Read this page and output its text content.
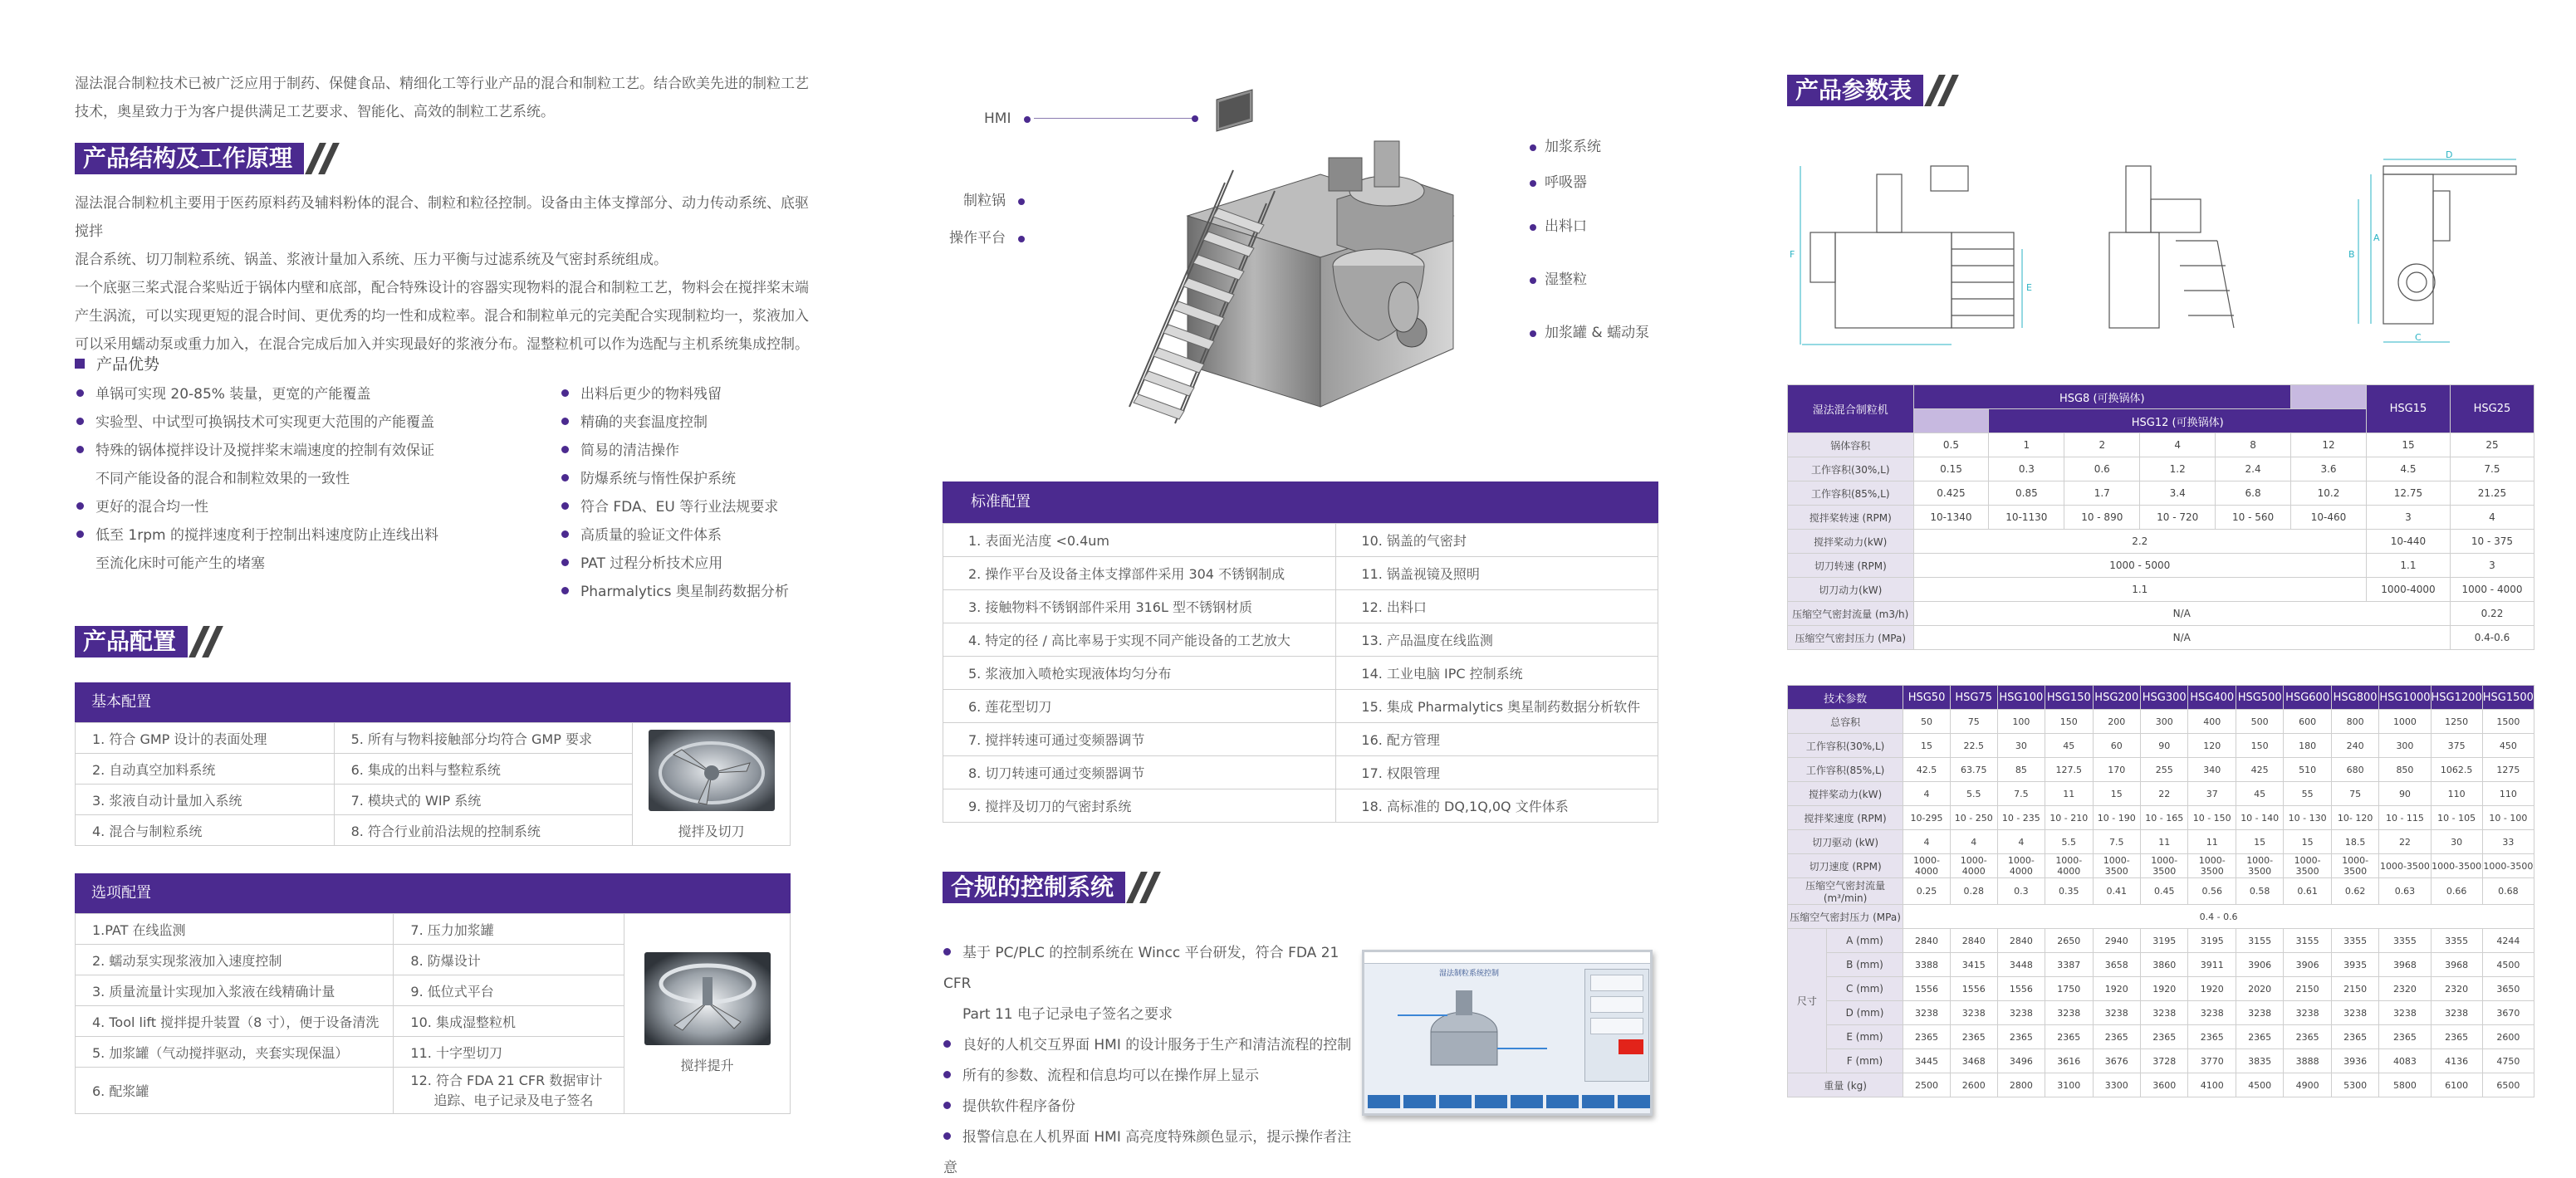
湿法混合制粒技术已被广泛应用于制药、保健食品、精细化工等行业产品的混合和制粒工艺。结合欧美先进的制粒工艺
技术，奥星致力于为客户提供满足工艺要求、智能化、高效的制粒工艺系统。
产品结构及工作原理
湿法混合制粒机主要用于医药原料药及辅料粉体的混合、制粒和粒径控制。设备由主体支撑部分、动力传动系统、底驱搅拌
混合系统、切刀制粒系统、锅盖、浆液计量加入系统、压力平衡与过滤系统及气密封系统组成。
一个底驱三桨式混合桨贴近于锅体内壁和底部，配合特殊设计的容器实现物料的混合和制粒工艺，物料会在搅拌桨末端
产生涡流，可以实现更短的混合时间、更优秀的均一性和成粒率。混合和制粒单元的完美配合实现制粒均一，浆液加入
可以采用蠕动泵或重力加入，在混合完成后加入并实现最好的浆液分布。湿整粒机可以作为选配与主机系统集成控制。
产品优势
单锅可实现 20-85% 装量，更宽的产能覆盖
实验型、中试型可换锅技术可实现更大范围的产能覆盖
特殊的锅体搅拌设计及搅拌桨末端速度的控制有效保证
不同产能设备的混合和制粒效果的一致性
更好的混合均一性
低至 1rpm 的搅拌速度利于控制出料速度防止连线出料
至流化床时可能产生的堵塞
出料后更少的物料残留
精确的夹套温度控制
简易的清洁操作
防爆系统与惰性保护系统
符合 FDA、EU 等行业法规要求
高质量的验证文件体系
PAT 过程分析技术应用
Pharmalytics 奥星制药数据分析
产品配置
基本配置
1. 符合 GMP 设计的表面处理	5. 所有与物料接触部分均符合 GMP 要求	搅拌及切刀

2. 自动真空加料系统	6. 集成的出料与整粒系统	
3. 浆液自动计量加入系统	7. 模块式的 WIP 系统	
4. 混合与制粒系统	8. 符合行业前沿法规的控制系统	
选项配置
1.PAT 在线监测	7. 压力加浆罐	搅拌提升

2. 蠕动泵实现浆液加入速度控制	8. 防爆设计	
3. 质量流量计实现加入浆液在线精确计量	9. 低位式平台	
4. Tool lift 搅拌提升装置（8 寸），便于设备清洗	10. 集成湿整粒机	
5. 加浆罐（气动搅拌驱动，夹套实现保温）	11. 十字型切刀	
6. 配浆罐	12. 符合 FDA 21 CFR 数据审计
追踪、电子记录及电子签名	
HMI
制粒锅
操作平台
加浆系统
呼吸器
出料口
湿整粒
加浆罐 & 蠕动泵
标准配置
1. 表面光洁度 <0.4um	10. 锅盖的气密封
2. 操作平台及设备主体支撑部件采用 304 不锈钢制成	11. 锅盖视镜及照明
3. 接触物料不锈钢部件采用 316L 型不锈钢材质	12. 出料口
4. 特定的径 / 高比率易于实现不同产能设备的工艺放大	13. 产品温度在线监测
5. 浆液加入喷枪实现液体均匀分布	14. 工业电脑 IPC 控制系统
6. 莲花型切刀	15. 集成 Pharmalytics 奥星制药数据分析软件
7. 搅拌转速可通过变频器调节	16. 配方管理
8. 切刀转速可通过变频器调节	17. 权限管理
9. 搅拌及切刀的气密封系统	18. 高标准的 DQ,1Q,0Q 文件体系
合规的控制系统
基于 PC/PLC 的控制系统在 Wincc 平台研发，符合 FDA 21 CFR
Part 11 电子记录电子签名之要求
良好的人机交互界面 HMI 的设计服务于生产和清洁流程的控制
所有的参数、流程和信息均可以在操作屏上显示
提供软件程序备份
报警信息在人机界面 HMI 高亮度特殊颜色显示，提示操作者注意
湿法制粒系统控制
产品参数表
F
E
B
A
D
C
湿法混合制粒机	HSG8 (可换锅体)						HSG15	HSG25
		HSG12 (可换锅体)						
锅体容积	0.5	1	2	4	8	12	15	25
工作容积(30%,L)	0.15	0.3	0.6	1.2	2.4	3.6	4.5	7.5
工作容积(85%,L)	0.425	0.85	1.7	3.4	6.8	10.2	12.75	21.25
搅拌桨转速 (RPM)	10-1340	10-1130	10 - 890	10 - 720	10 - 560	10-460	3	4
搅拌桨动力(kW)	2.2						10-440	10 - 375
切刀转速 (RPM)	1000 - 5000						1.1	3
切刀动力(kW)	1.1						1000-4000	1000 - 4000
压缩空气密封流量 (m3/h)	N/A							0.22
压缩空气密封压力 (MPa)	N/A							0.4-0.6
技术参数		HSG50	HSG75	HSG100	HSG150	HSG200	HSG300	HSG400	HSG500	HSG600	HSG800	HSG1000	HSG1200	HSG1500
总容积		50	75	100	150	200	300	400	500	600	800	1000	1250	1500
工作容积(30%,L)		15	22.5	30	45	60	90	120	150	180	240	300	375	450
工作容积(85%,L)		42.5	63.75	85	127.5	170	255	340	425	510	680	850	1062.5	1275
搅拌桨动力(kW)		4	5.5	7.5	11	15	22	37	45	55	75	90	110	110
搅拌桨速度 (RPM)		10-295	10 - 250	10 - 235	10 - 210	10 - 190	10 - 165	10 - 150	10 - 140	10 - 130	10- 120	10 - 115	10 - 105	10 - 100
切刀驱动 (kW)		4	4	4	5.5	7.5	11	11	15	15	18.5	22	30	33
切刀速度 (RPM)		1000-4000	1000-4000	1000-4000	1000-4000	1000-3500	1000-3500	1000-3500	1000-3500	1000-3500	1000-3500	1000-3500	1000-3500	1000-3500
压缩空气密封流量 (m³/min)		0.25	0.28	0.3	0.35	0.41	0.45	0.56	0.58	0.61	0.62	0.63	0.66	0.68
压缩空气密封压力 (MPa)		0.4 - 0.6												
尺寸	A (mm)	2840	2840	2840	2650	2940	3195	3195	3155	3155	3355	3355	3355	4244
	B (mm)	3388	3415	3448	3387	3658	3860	3911	3906	3906	3935	3968	3968	4500
	C (mm)	1556	1556	1556	1750	1920	1920	1920	2020	2150	2150	2320	2320	3650
	D (mm)	3238	3238	3238	3238	3238	3238	3238	3238	3238	3238	3238	3238	3670
	E (mm)	2365	2365	2365	2365	2365	2365	2365	2365	2365	2365	2365	2365	2600
	F (mm)	3445	3468	3496	3616	3676	3728	3770	3835	3888	3936	4083	4136	4750
重量 (kg)		2500	2600	2800	3100	3300	3600	4100	4500	4900	5300	5800	6100	6500
